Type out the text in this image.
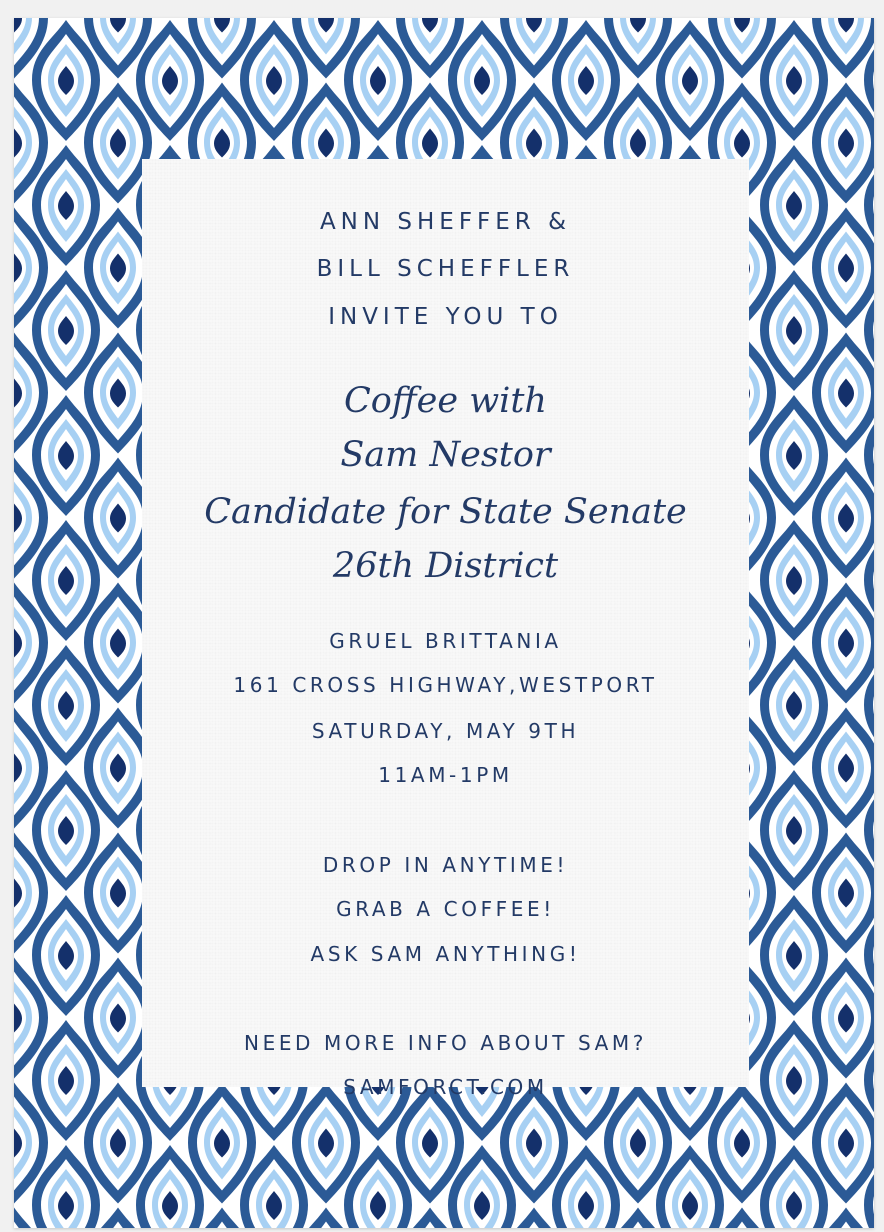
ANN SHEFFER &
BILL SCHEFFLER
INVITE YOU TO
Coffee with
Sam Nestor
Candidate for State Senate
26th District
GRUEL BRITTANIA
161 CROSS HIGHWAY,WESTPORT
SATURDAY, MAY 9TH
11AM-1PM
DROP IN ANYTIME!
GRAB A COFFEE!
ASK SAM ANYTHING!
NEED MORE INFO ABOUT SAM?
SAMFORCT.COM
